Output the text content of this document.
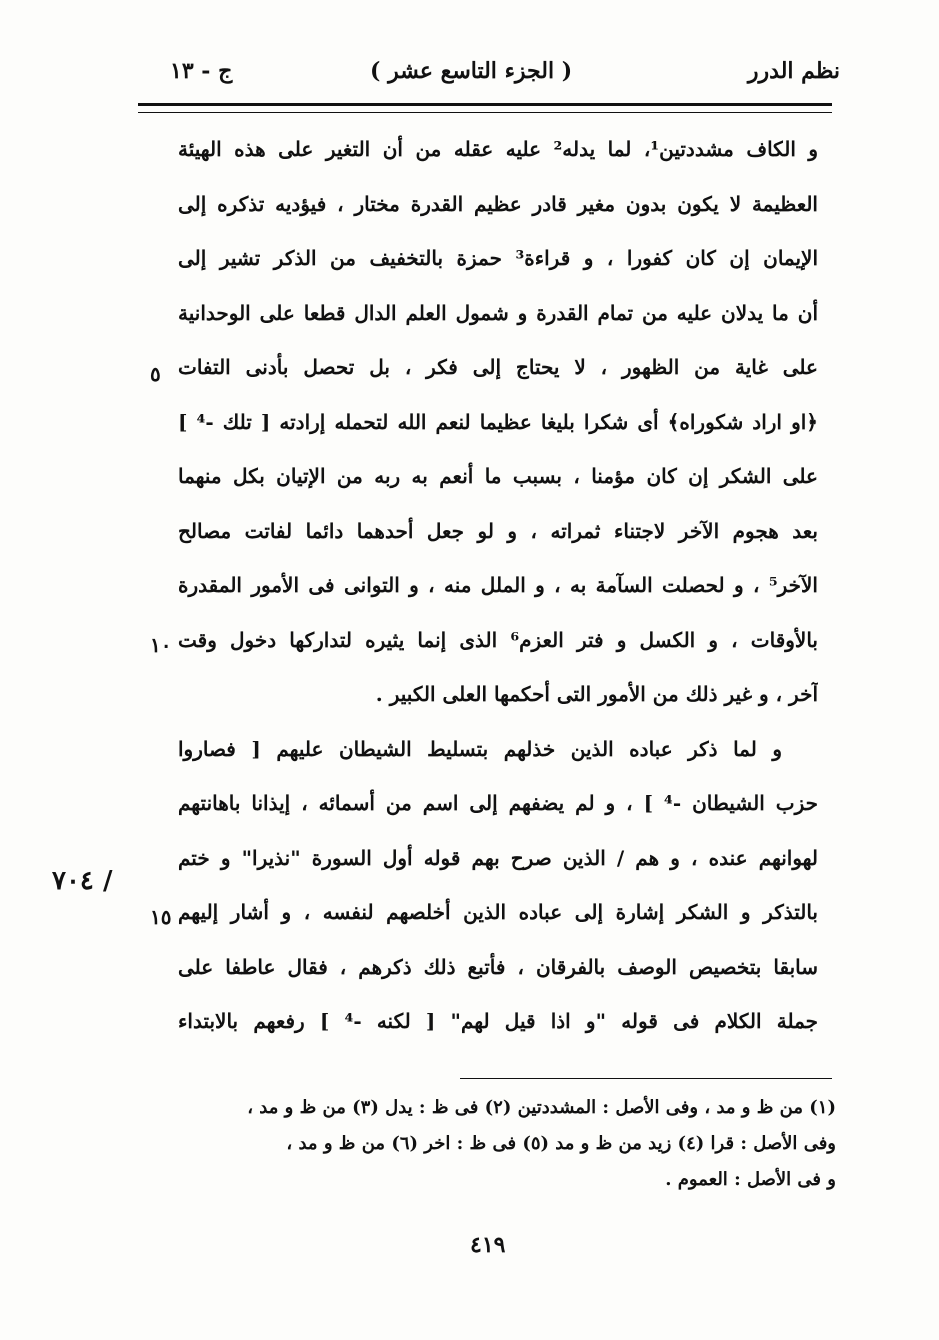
نظم الدرر
( الجزء التاسع عشر )
ج - ١٣
و الكاف مشددتين¹، لما يدله² عليه عقله من أن التغير على هذه الهيئة
العظيمة لا يكون بدون مغير قادر عظيم القدرة مختار ، فيؤديه تذكره إلى
الإيمان إن كان كفورا ، و قراءة³ حمزة بالتخفيف من الذكر تشير إلى
أن ما يدلان عليه من تمام القدرة و شمول العلم الدال قطعا على الوحدانية
على غاية من الظهور ، لا يحتاج إلى فكر ، بل تحصل بأدنى التفات
﴿او اراد شكوراه﴾ أى شكرا بليغا عظيما لنعم الله لتحمله إرادته [ تلك -⁴ ]
على الشكر إن كان مؤمنا ، بسبب ما أنعم به ربه من الإتيان بكل منهما
بعد هجوم الآخر لاجتناء ثمراته ، و لو جعل أحدهما دائما لفاتت مصالح
الآخر⁵ ، و لحصلت السآمة به ، و الملل منه ، و التوانى فى الأمور المقدرة
بالأوقات ، و الكسل و فتر العزم⁶ الذى إنما يثيره لتداركها دخول وقت
آخر ، و غير ذلك من الأمور التى أحكمها العلى الكبير .
و لما ذكر عباده الذين خذلهم بتسليط الشيطان عليهم [ فصاروا
حزب الشيطان -⁴ ] ، و لم يضفهم إلى اسم من أسمائه ، إيذانا باهانتهم
لهوانهم عنده ، و هم / الذين صرح بهم قوله أول السورة "نذيرا" و ختم
بالتذكر و الشكر إشارة إلى عباده الذين أخلصهم لنفسه ، و أشار إليهم
سابقا بتخصيص الوصف بالفرقان ، فأتبع ذلك ذكرهم ، فقال عاطفا على
جملة الكلام فى قوله "و اذا قيل لهم" [ لكنه -⁴ ] رفعهم بالابتداء
٥
١٠
١٥
/ ٧٠٤
(١) من ظ و مد ، وفى الأصل : المشددتين (٢) فى ظ : يدل (٣) من ظ و مد ،
وفى الأصل : قرا (٤) زيد من ظ و مد (٥) فى ظ : اخر (٦) من ظ و مد ،
و فى الأصل : العموم .
٤١٩
